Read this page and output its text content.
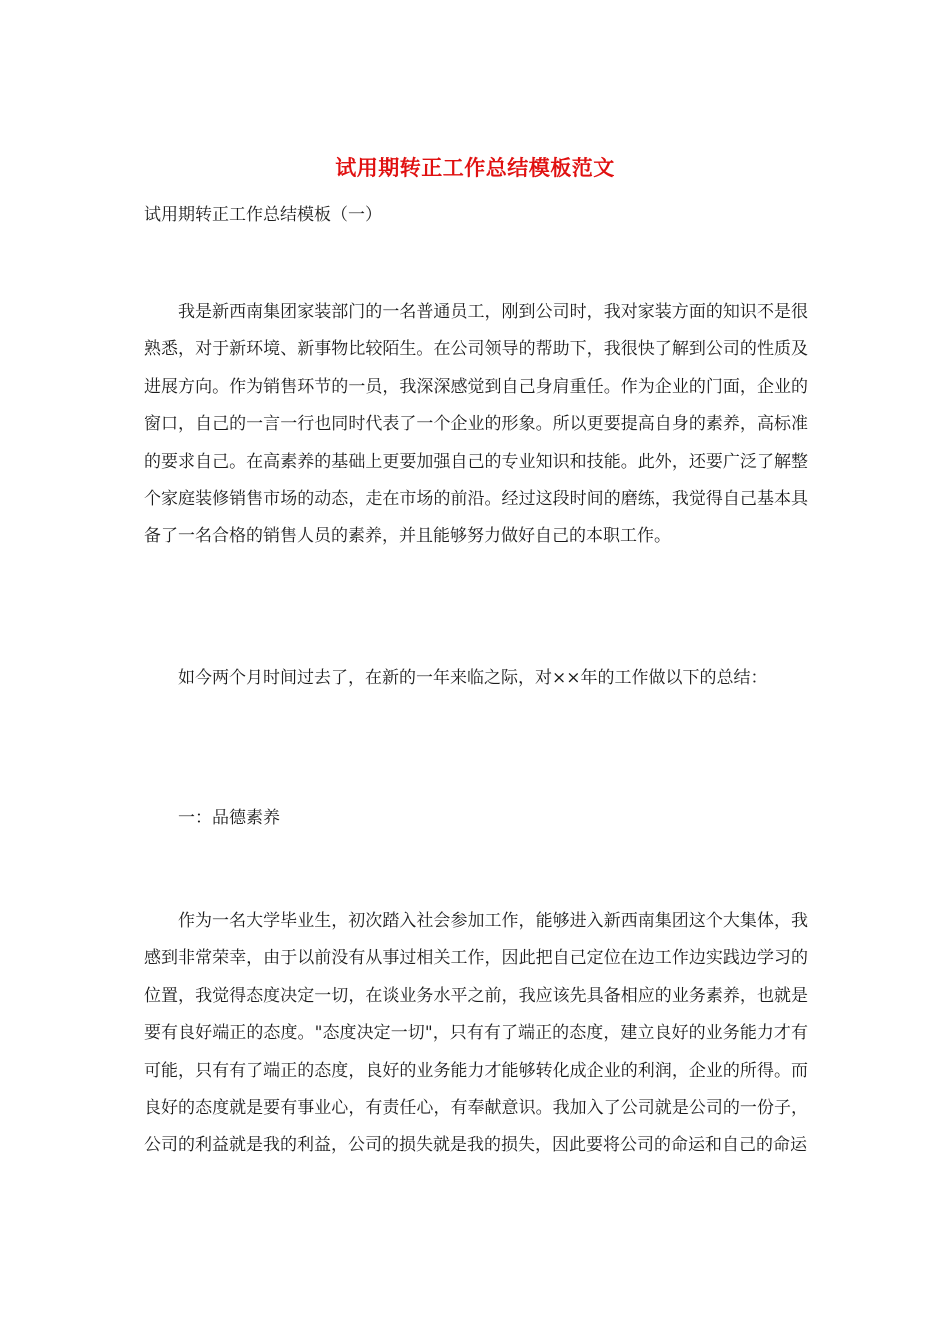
试用期转正工作总结模板范文

试用期转正工作总结模板（一）

我是新西南集团家装部门的一名普通员工，刚到公司时，我对家装方面的知识不是很熟悉，对于新环境、新事物比较陌生。在公司领导的帮助下，我很快了解到公司的性质及进展方向。作为销售环节的一员，我深深感觉到自己身肩重任。作为企业的门面，企业的窗口，自己的一言一行也同时代表了一个企业的形象。所以更要提高自身的素养，高标准的要求自己。在高素养的基础上更要加强自己的专业知识和技能。此外，还要广泛了解整个家庭装修销售市场的动态，走在市场的前沿。经过这段时间的磨练，我觉得自己基本具备了一名合格的销售人员的素养，并且能够努力做好自己的本职工作。

如今两个月时间过去了，在新的一年来临之际，对××年的工作做以下的总结：

一：品德素养

作为一名大学毕业生，初次踏入社会参加工作，能够进入新西南集团这个大集体，我感到非常荣幸，由于以前没有从事过相关工作，因此把自己定位在边工作边实践边学习的位置，我觉得态度决定一切，在谈业务水平之前，我应该先具备相应的业务素养，也就是要有良好端正的态度。"态度决定一切"，只有有了端正的态度，建立良好的业务能力才有可能，只有有了端正的态度，良好的业务能力才能够转化成企业的利润，企业的所得。而良好的态度就是要有事业心，有责任心，有奉献意识。我加入了公司就是公司的一份子，公司的利益就是我的利益，公司的损失就是我的损失，因此要将公司的命运和自己的命运
